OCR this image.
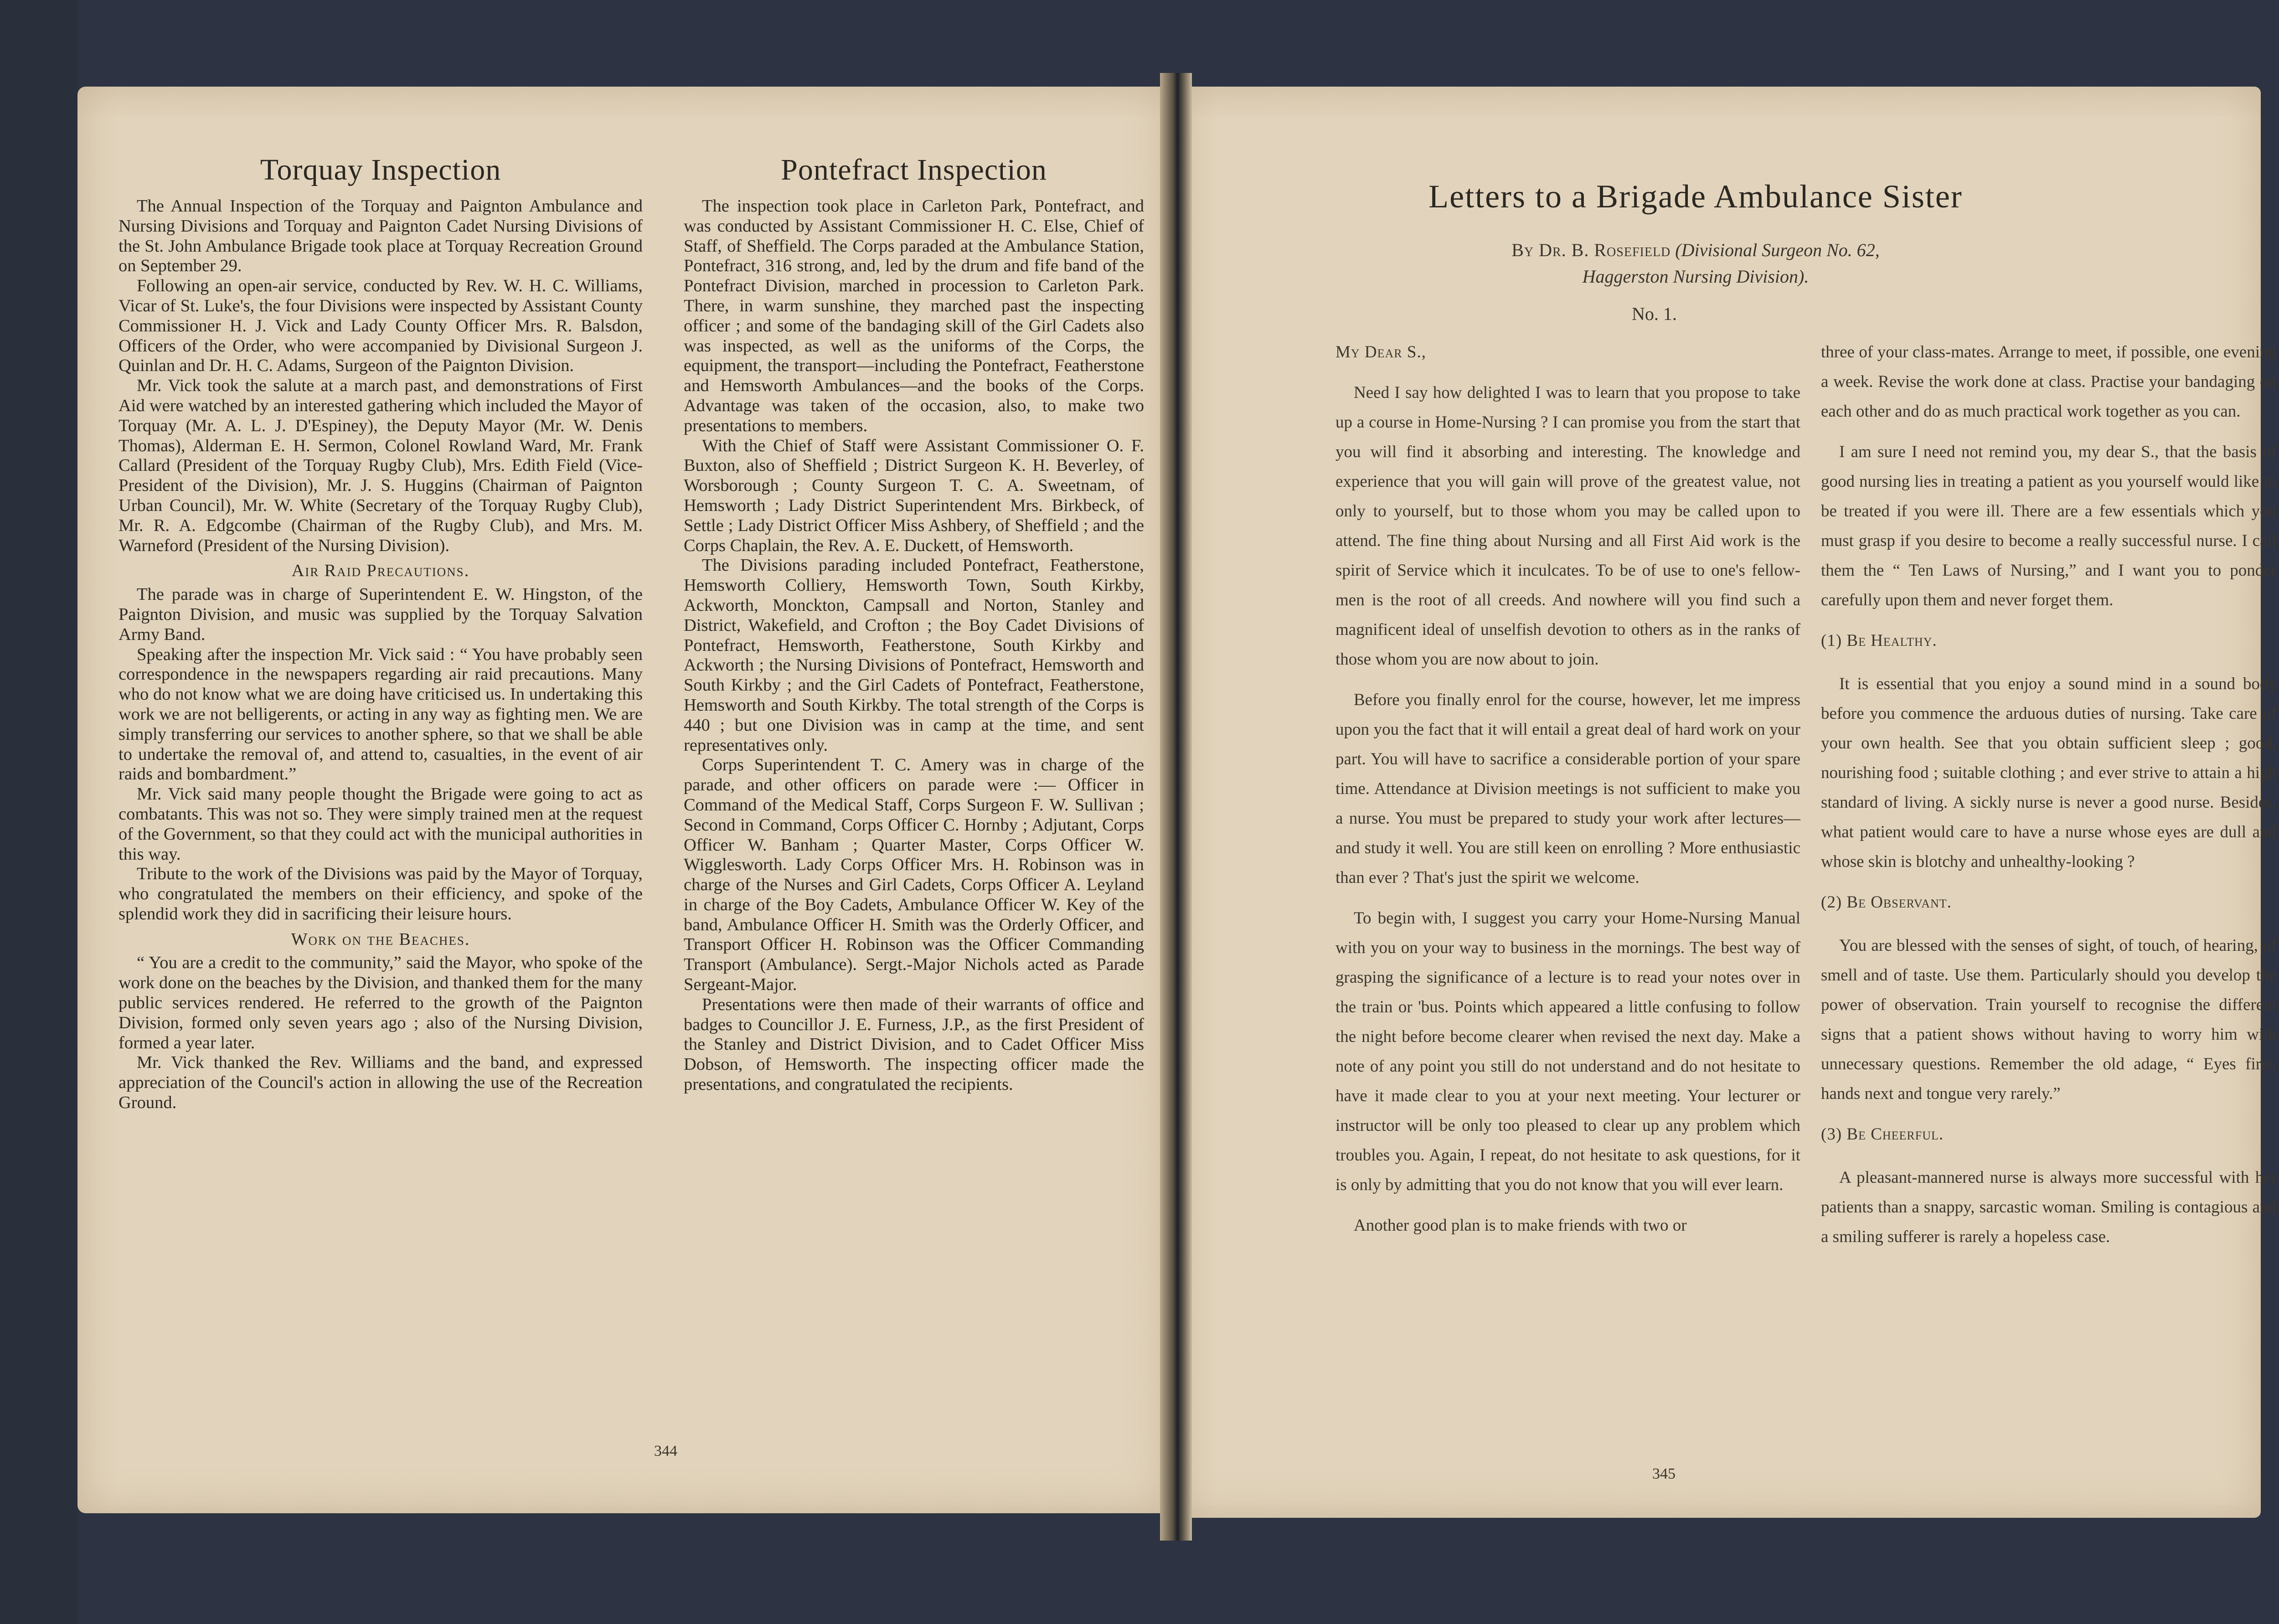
Torquay Inspection

The Annual Inspection of the Torquay and Paignton Ambulance and Nursing Divisions and Torquay and Paignton Cadet Nursing Divisions of the St. John Ambulance Brigade took place at Torquay Recreation Ground on September 29.

Following an open-air service, conducted by Rev. W. H. C. Williams, Vicar of St. Luke's, the four Divisions were inspected by Assistant County Commissioner H. J. Vick and Lady County Officer Mrs. R. Balsdon, Officers of the Order, who were accompanied by Divisional Surgeon J. Quinlan and Dr. H. C. Adams, Surgeon of the Paignton Division.

Mr. Vick took the salute at a march past, and demonstrations of First Aid were watched by an interested gathering which included the Mayor of Torquay (Mr. A. L. J. D'Espiney), the Deputy Mayor (Mr. W. Denis Thomas), Alderman E. H. Sermon, Colonel Rowland Ward, Mr. Frank Callard (President of the Torquay Rugby Club), Mrs. Edith Field (Vice-President of the Division), Mr. J. S. Huggins (Chairman of Paignton Urban Council), Mr. W. White (Secretary of the Torquay Rugby Club), Mr. R. A. Edgcombe (Chairman of the Rugby Club), and Mrs. M. Warneford (President of the Nursing Division).

Air Raid Precautions.

The parade was in charge of Superintendent E. W. Hingston, of the Paignton Division, and music was supplied by the Torquay Salvation Army Band.

Speaking after the inspection Mr. Vick said : “ You have probably seen correspondence in the newspapers regarding air raid precautions. Many who do not know what we are doing have criticised us. In undertaking this work we are not belligerents, or acting in any way as fighting men. We are simply transferring our services to another sphere, so that we shall be able to undertake the removal of, and attend to, casualties, in the event of air raids and bombardment.”

Mr. Vick said many people thought the Brigade were going to act as combatants. This was not so. They were simply trained men at the request of the Government, so that they could act with the municipal authorities in this way.

Tribute to the work of the Divisions was paid by the Mayor of Torquay, who congratulated the members on their efficiency, and spoke of the splendid work they did in sacrificing their leisure hours.

Work on the Beaches.

“ You are a credit to the community,” said the Mayor, who spoke of the work done on the beaches by the Division, and thanked them for the many public services rendered. He referred to the growth of the Paignton Division, formed only seven years ago ; also of the Nursing Division, formed a year later.

Mr. Vick thanked the Rev. Williams and the band, and expressed appreciation of the Council's action in allowing the use of the Recreation Ground.

Pontefract Inspection

The inspection took place in Carleton Park, Pontefract, and was conducted by Assistant Commissioner H. C. Else, Chief of Staff, of Sheffield. The Corps paraded at the Ambulance Station, Pontefract, 316 strong, and, led by the drum and fife band of the Pontefract Division, marched in procession to Carleton Park. There, in warm sunshine, they marched past the inspecting officer ; and some of the bandaging skill of the Girl Cadets also was inspected, as well as the uniforms of the Corps, the equipment, the transport—including the Pontefract, Featherstone and Hemsworth Ambulances—and the books of the Corps. Advantage was taken of the occasion, also, to make two presentations to members.

With the Chief of Staff were Assistant Commissioner O. F. Buxton, also of Sheffield ; District Surgeon K. H. Beverley, of Worsborough ; County Surgeon T. C. A. Sweetnam, of Hemsworth ; Lady District Superintendent Mrs. Birkbeck, of Settle ; Lady District Officer Miss Ashbery, of Sheffield ; and the Corps Chaplain, the Rev. A. E. Duckett, of Hemsworth.

The Divisions parading included Pontefract, Featherstone, Hemsworth Colliery, Hemsworth Town, South Kirkby, Ackworth, Monckton, Campsall and Norton, Stanley and District, Wakefield, and Crofton ; the Boy Cadet Divisions of Pontefract, Hemsworth, Featherstone, South Kirkby and Ackworth ; the Nursing Divisions of Pontefract, Hemsworth and South Kirkby ; and the Girl Cadets of Pontefract, Featherstone, Hemsworth and South Kirkby. The total strength of the Corps is 440 ; but one Division was in camp at the time, and sent representatives only.

Corps Superintendent T. C. Amery was in charge of the parade, and other officers on parade were :— Officer in Command of the Medical Staff, Corps Surgeon F. W. Sullivan ; Second in Command, Corps Officer C. Hornby ; Adjutant, Corps Officer W. Banham ; Quarter Master, Corps Officer W. Wigglesworth. Lady Corps Officer Mrs. H. Robinson was in charge of the Nurses and Girl Cadets, Corps Officer A. Leyland in charge of the Boy Cadets, Ambulance Officer W. Key of the band, Ambulance Officer H. Smith was the Orderly Officer, and Transport Officer H. Robinson was the Officer Commanding Transport (Ambulance). Sergt.-Major Nichols acted as Parade Sergeant-Major.

Presentations were then made of their warrants of office and badges to Councillor J. E. Furness, J.P., as the first President of the Stanley and District Division, and to Cadet Officer Miss Dobson, of Hemsworth. The inspecting officer made the presentations, and congratulated the recipients.

344
Letters to a Brigade Ambulance Sister
By Dr. B. Rosefield (Divisional Surgeon No. 62,
Haggerston Nursing Division).
No. 1.

My Dear S.,

Need I say how delighted I was to learn that you propose to take up a course in Home-Nursing ? I can promise you from the start that you will find it absorbing and interesting. The knowledge and experience that you will gain will prove of the greatest value, not only to yourself, but to those whom you may be called upon to attend. The fine thing about Nursing and all First Aid work is the spirit of Service which it inculcates. To be of use to one's fellow-men is the root of all creeds. And nowhere will you find such a magnificent ideal of unselfish devotion to others as in the ranks of those whom you are now about to join.

Before you finally enrol for the course, however, let me impress upon you the fact that it will entail a great deal of hard work on your part. You will have to sacrifice a considerable portion of your spare time. Attendance at Division meetings is not sufficient to make you a nurse. You must be prepared to study your work after lectures—and study it well. You are still keen on enrolling ? More enthusiastic than ever ? That's just the spirit we welcome.

To begin with, I suggest you carry your Home-Nursing Manual with you on your way to business in the mornings. The best way of grasping the significance of a lecture is to read your notes over in the train or 'bus. Points which appeared a little confusing to follow the night before become clearer when revised the next day. Make a note of any point you still do not understand and do not hesitate to have it made clear to you at your next meeting. Your lecturer or instructor will be only too pleased to clear up any problem which troubles you. Again, I repeat, do not hesitate to ask questions, for it is only by admitting that you do not know that you will ever learn.

Another good plan is to make friends with two or

three of your class-mates. Arrange to meet, if possible, one evening a week. Revise the work done at class. Practise your bandaging on each other and do as much practical work together as you can.

I am sure I need not remind you, my dear S., that the basis of good nursing lies in treating a patient as you yourself would like to be treated if you were ill. There are a few essentials which you must grasp if you desire to become a really successful nurse. I call them the “ Ten Laws of Nursing,” and I want you to ponder carefully upon them and never forget them.

(1) Be Healthy.

It is essential that you enjoy a sound mind in a sound body before you commence the arduous duties of nursing. Take care of your own health. See that you obtain sufficient sleep ; good, nourishing food ; suitable clothing ; and ever strive to attain a high standard of living. A sickly nurse is never a good nurse. Besides, what patient would care to have a nurse whose eyes are dull and whose skin is blotchy and unhealthy-looking ?

(2) Be Observant.

You are blessed with the senses of sight, of touch, of hearing, of smell and of taste. Use them. Particularly should you develop the power of observation. Train yourself to recognise the different signs that a patient shows without having to worry him with unnecessary questions. Remember the old adage, “ Eyes first, hands next and tongue very rarely.”

(3) Be Cheerful.

A pleasant-mannered nurse is always more successful with her patients than a snappy, sarcastic woman. Smiling is contagious and a smiling sufferer is rarely a hopeless case.

345
